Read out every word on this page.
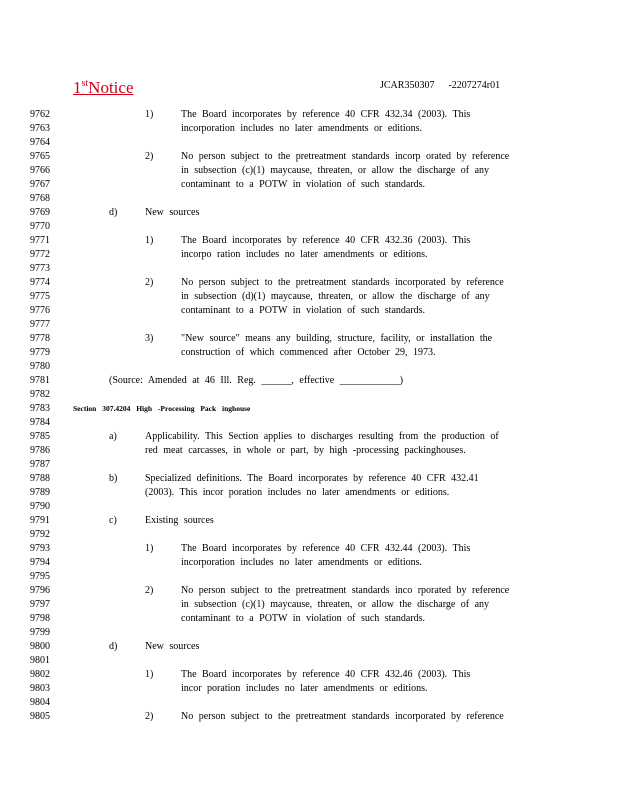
1stNotice	JCAR350307 -2207274r01
9762	1)	The Board incorporates by reference 40 CFR 432.34 (2003). This
9763	incorporation includes no later amendments or editions.
9764
9765	2)	No person subject to the pretreatment standards incorp orated by reference
9766	in subsection (c)(1) maycause, threaten, or allow the discharge of any
9767	contaminant to a POTW in violation of such standards.
9768
9769	d)	New sources
9770
9771	1)	The Board incorporates by reference 40 CFR 432.36 (2003). This
9772	incorpo ration includes no later amendments or editions.
9773
9774	2)	No person subject to the pretreatment standards incorporated by reference
9775	in subsection (d)(1) maycause, threaten, or allow the discharge of any
9776	contaminant to a POTW in violation of such standards.
9777
9778	3)	"New source" means any building, structure, facility, or installation the
9779	construction of which commenced after October 29, 1973.
9780
9781	(Source: Amended at 46 Ill. Reg. ______, effective ____________)
9782
9783	Section 307.4204 High -Processing Pack inghouse
9784
9785	a)	Applicability. This Section applies to discharges resulting from the production of
9786	red meat carcasses, in whole or part, by high -processing packinghouses.
9787
9788	b)	Specialized definitions. The Board incorporates by reference 40 CFR 432.41
9789	(2003). This incor poration includes no later amendments or editions.
9790
9791	c)	Existing sources
9792
9793	1)	The Board incorporates by reference 40 CFR 432.44 (2003). This
9794	incorporation includes no later amendments or editions.
9795
9796	2)	No person subject to the pretreatment standards inco rporated by reference
9797	in subsection (c)(1) maycause, threaten, or allow the discharge of any
9798	contaminant to a POTW in violation of such standards.
9799
9800	d)	New sources
9801
9802	1)	The Board incorporates by reference 40 CFR 432.46 (2003). This
9803	incor poration includes no later amendments or editions.
9804
9805	2)	No person subject to the pretreatment standards incorporated by reference
